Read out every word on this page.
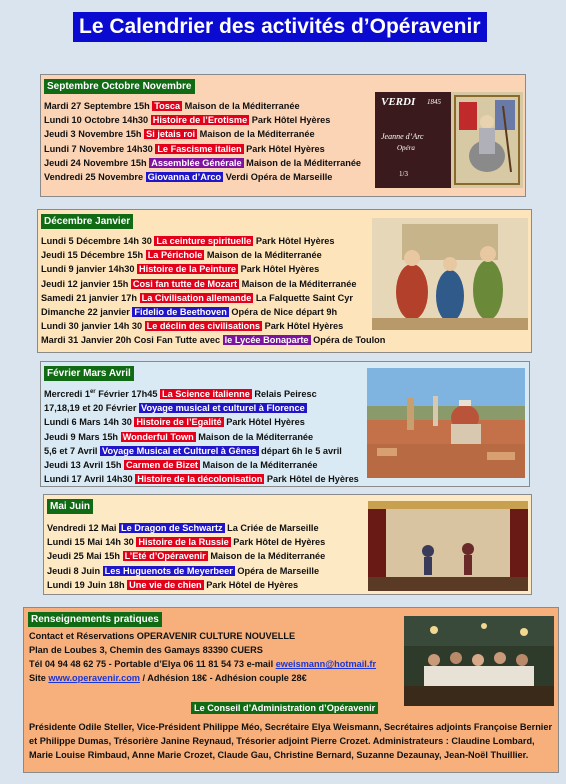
Le Calendrier des activités d’Opéravenir
Septembre Octobre Novembre
Mardi 27 Septembre 15h Tosca Maison de la Méditerranée
Lundi 10 Octobre 14h30 Histoire de l’Erotisme Park Hôtel Hyères
Jeudi 3 Novembre 15h Si jetais roi Maison de la Méditerranée
Lundi 7 Novembre 14h30 Le Fascisme italien Park Hôtel Hyères
Jeudi 24 Novembre 15h Assemblée Générale Maison de la Méditerranée
Vendredi 25 Novembre Giovanna d’Arco Verdi Opéra de Marseille
VERDI 1845
Jeanne d’Arc
Opéra
1/3
Décembre Janvier
Lundi 5 Décembre 14h 30 La ceinture spirituelle Park Hôtel Hyères
Jeudi 15 Décembre 15h La Périchole Maison de la Méditerranée
Lundi 9 janvier 14h30 Histoire de la Peinture Park Hôtel Hyères
Jeudi 12 janvier 15h Cosi fan tutte de Mozart Maison de la Méditerranée
Samedi 21 janvier 17h La Civilisation allemande La Falquette Saint Cyr
Dimanche 22 janvier Fidelio de Beethoven Opéra de Nice départ 9h
Lundi 30 janvier 14h 30 Le déclin des civilisations Park Hôtel Hyères
Mardi 31 Janvier 20h Cosi Fan Tutte avec le Lycée Bonaparte Opéra de Toulon
Février Mars Avril
Mercredi 1er Février 17h45 La Science italienne Relais Peiresc
17,18,19 et 20 Février Voyage musical et culturel à Florence
Lundi 6 Mars 14h 30 Histoire de l’Egalité Park Hôtel Hyères
Jeudi 9 Mars 15h Wonderful Town Maison de la Méditerranée
5,6 et 7 Avril Voyage Musical et Culturel à Gênes départ 6h le 5 avril
Jeudi 13 Avril 15h Carmen de Bizet Maison de la Méditerranée
Lundi 17 Avril 14h30 Histoire de la décolonisation Park Hôtel de Hyères
Mai Juin
Vendredi 12 Mai Le Dragon de Schwartz La Criée de Marseille
Lundi 15 Mai 14h 30 Histoire de la Russie Park Hôtel de Hyères
Jeudi 25 Mai 15h L’Eté d’Opéravenir Maison de la Méditerranée
Jeudi 8 Juin Les Huguenots de Meyerbeer Opéra de Marseille
Lundi 19 Juin 18h Une vie de chien Park Hôtel de Hyères
Renseignements pratiques
Contact et Réservations OPERAVENIR CULTURE NOUVELLE
Plan de Loubes 3, Chemin des Gamays 83390 CUERS
Tél 04 94 48 62 75 - Portable d’Elya 06 11 81 54 73 e-mail eweismann@hotmail.fr
Site www.operavenir.com / Adhésion 18€ - Adhésion couple 28€
Le Conseil d’Administration d’Opéravenir
Présidente Odile Steller, Vice-Président Philippe Méo, Secrétaire Elya Weismann, Secrétaires adjoints Françoise Bernier
et Philippe Dumas, Trésorière Janine Reynaud, Trésorier adjoint Pierre Crozet. Administrateurs : Claudine Lombard,
Marie Louise Rimbaud, Anne Marie Crozet, Claude Gau, Christine Bernard, Suzanne Dezaunay, Jean-Noël Thuillier.
